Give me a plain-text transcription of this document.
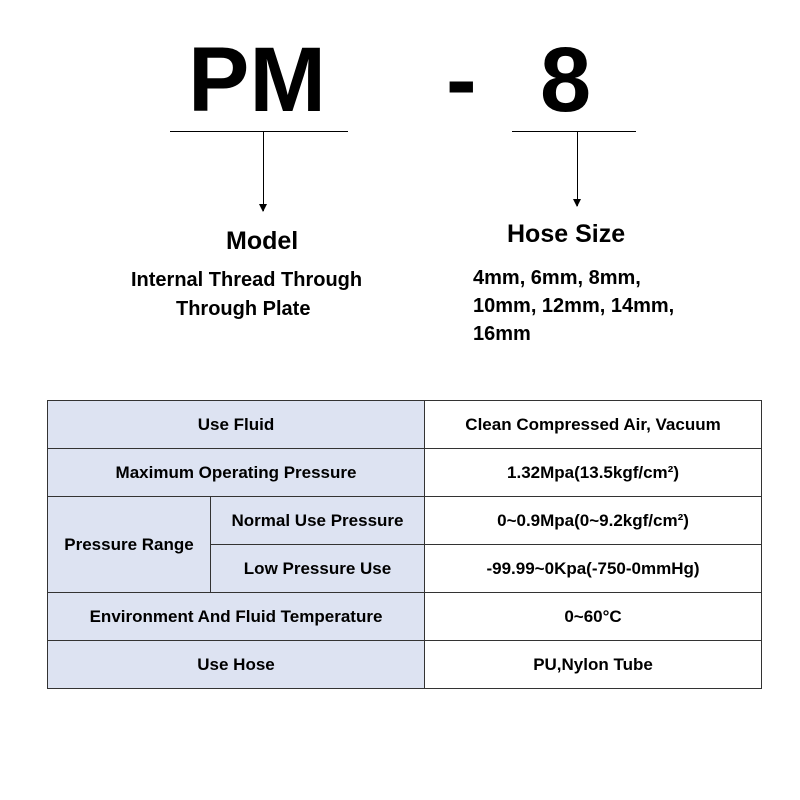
PM - 8
Model
Internal Thread Through
Through Plate
Hose Size
4mm, 6mm, 8mm,
10mm, 12mm, 14mm,
16mm
Use Fluid		Clean Compressed Air, Vacuum
Maximum Operating Pressure		1.32Mpa(13.5kgf/cm²)
Pressure Range	Normal Use Pressure	0~0.9Mpa(0~9.2kgf/cm²)
	Low Pressure Use	-99.99~0Kpa(-750-0mmHg)
Environment And Fluid Temperature		0~60°C
Use Hose		PU,Nylon Tube
